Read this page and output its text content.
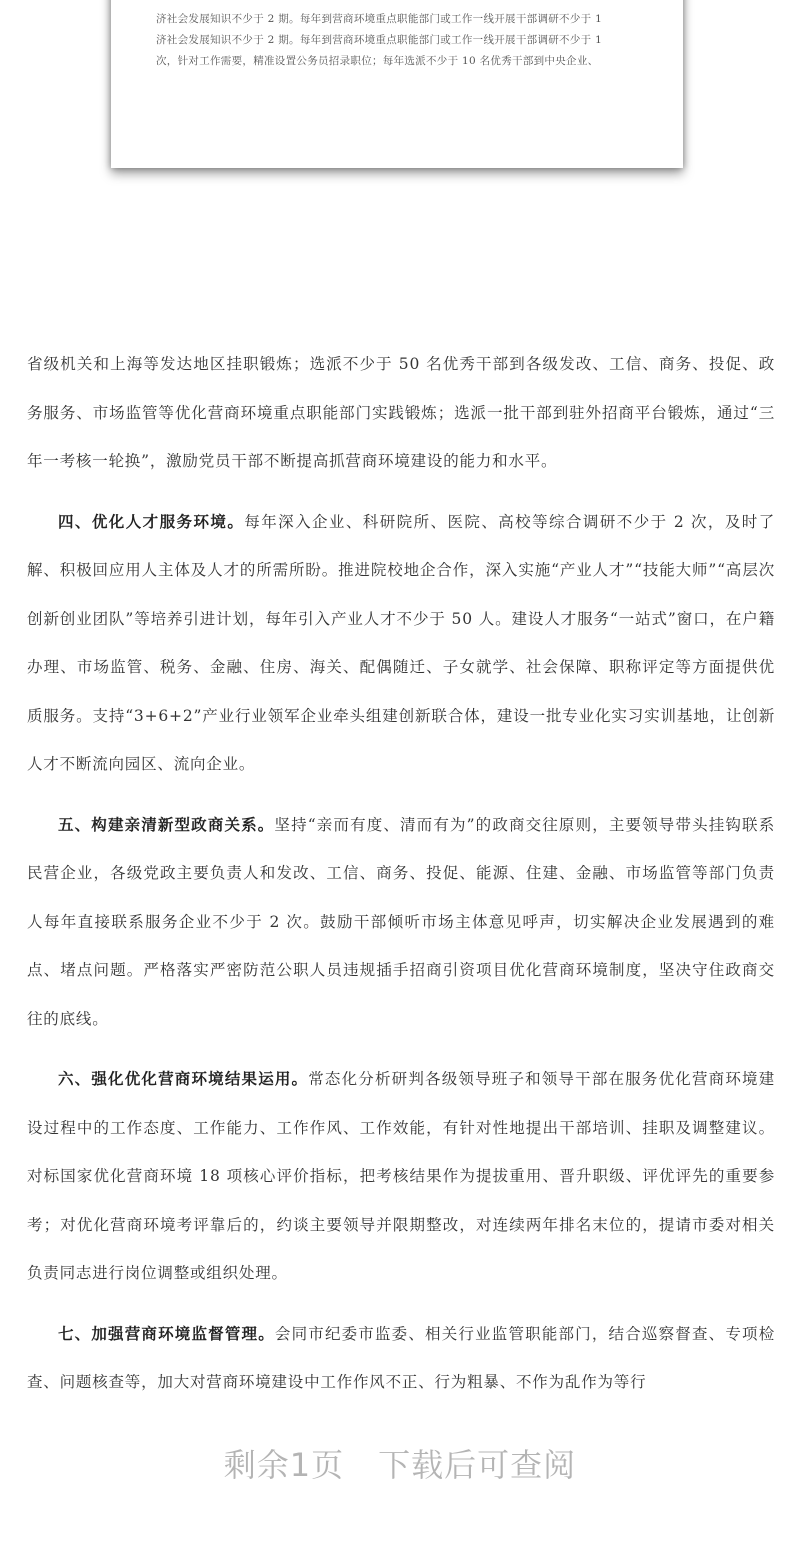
济社会发展知识不少于 2 期。每年到营商环境重点职能部门或工作一线开展干部调研不少于 1
济社会发展知识不少于 2 期。每年到营商环境重点职能部门或工作一线开展干部调研不少于 1
次，针对工作需要，精准设置公务员招录职位；每年选派不少于 10 名优秀干部到中央企业、

省级机关和上海等发达地区挂职锻炼；选派不少于 50 名优秀干部到各级发改、工信、商务、投促、政务服务、市场监管等优化营商环境重点职能部门实践锻炼；选派一批干部到驻外招商平台锻炼，通过“三年一考核一轮换”，激励党员干部不断提高抓营商环境建设的能力和水平。

四、优化人才服务环境。每年深入企业、科研院所、医院、高校等综合调研不少于 2 次，及时了解、积极回应用人主体及人才的所需所盼。推进院校地企合作，深入实施“产业人才”“技能大师”“高层次创新创业团队”等培养引进计划，每年引入产业人才不少于 50 人。建设人才服务“一站式”窗口，在户籍办理、市场监管、税务、金融、住房、海关、配偶随迁、子女就学、社会保障、职称评定等方面提供优质服务。支持“3+6+2”产业行业领军企业牵头组建创新联合体，建设一批专业化实习实训基地，让创新人才不断流向园区、流向企业。

五、构建亲清新型政商关系。坚持“亲而有度、清而有为”的政商交往原则，主要领导带头挂钩联系民营企业，各级党政主要负责人和发改、工信、商务、投促、能源、住建、金融、市场监管等部门负责人每年直接联系服务企业不少于 2 次。鼓励干部倾听市场主体意见呼声，切实解决企业发展遇到的难点、堵点问题。严格落实严密防范公职人员违规插手招商引资项目优化营商环境制度，坚决守住政商交往的底线。

六、强化优化营商环境结果运用。常态化分析研判各级领导班子和领导干部在服务优化营商环境建设过程中的工作态度、工作能力、工作作风、工作效能，有针对性地提出干部培训、挂职及调整建议。对标国家优化营商环境 18 项核心评价指标，把考核结果作为提拔重用、晋升职级、评优评先的重要参考；对优化营商环境考评靠后的，约谈主要领导并限期整改，对连续两年排名末位的，提请市委对相关负责同志进行岗位调整或组织处理。

七、加强营商环境监督管理。会同市纪委市监委、相关行业监管职能部门，结合巡察督查、专项检查、问题核查等，加大对营商环境建设中工作作风不正、行为粗暴、不作为乱作为等行

剩余1页 下载后可查阅
